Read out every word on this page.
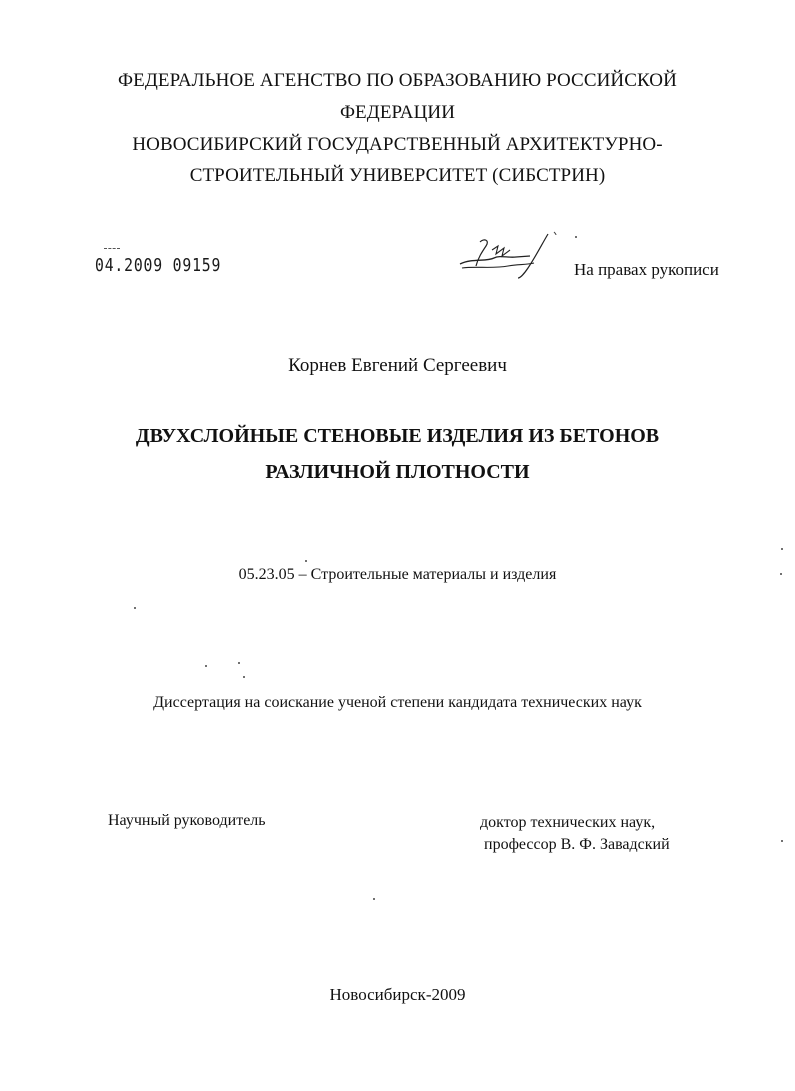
ФЕДЕРАЛЬНОЕ АГЕНСТВО ПО ОБРАЗОВАНИЮ РОССИЙСКОЙ
ФЕДЕРАЦИИ
НОВОСИБИРСКИЙ ГОСУДАРСТВЕННЫЙ АРХИТЕКТУРНО-
СТРОИТЕЛЬНЫЙ УНИВЕРСИТЕТ (СИБСТРИН)
04.2009 09159	На правах рукописи
Корнев Евгений Сергеевич
ДВУХСЛОЙНЫЕ СТЕНОВЫЕ ИЗДЕЛИЯ ИЗ БЕТОНОВ
РАЗЛИЧНОЙ ПЛОТНОСТИ
05.23.05 – Строительные материалы и изделия
Диссертация на соискание ученой степени кандидата технических наук
Научный руководитель	доктор технических наук,
профессор В. Ф. Завадский
Новосибирск-2009
